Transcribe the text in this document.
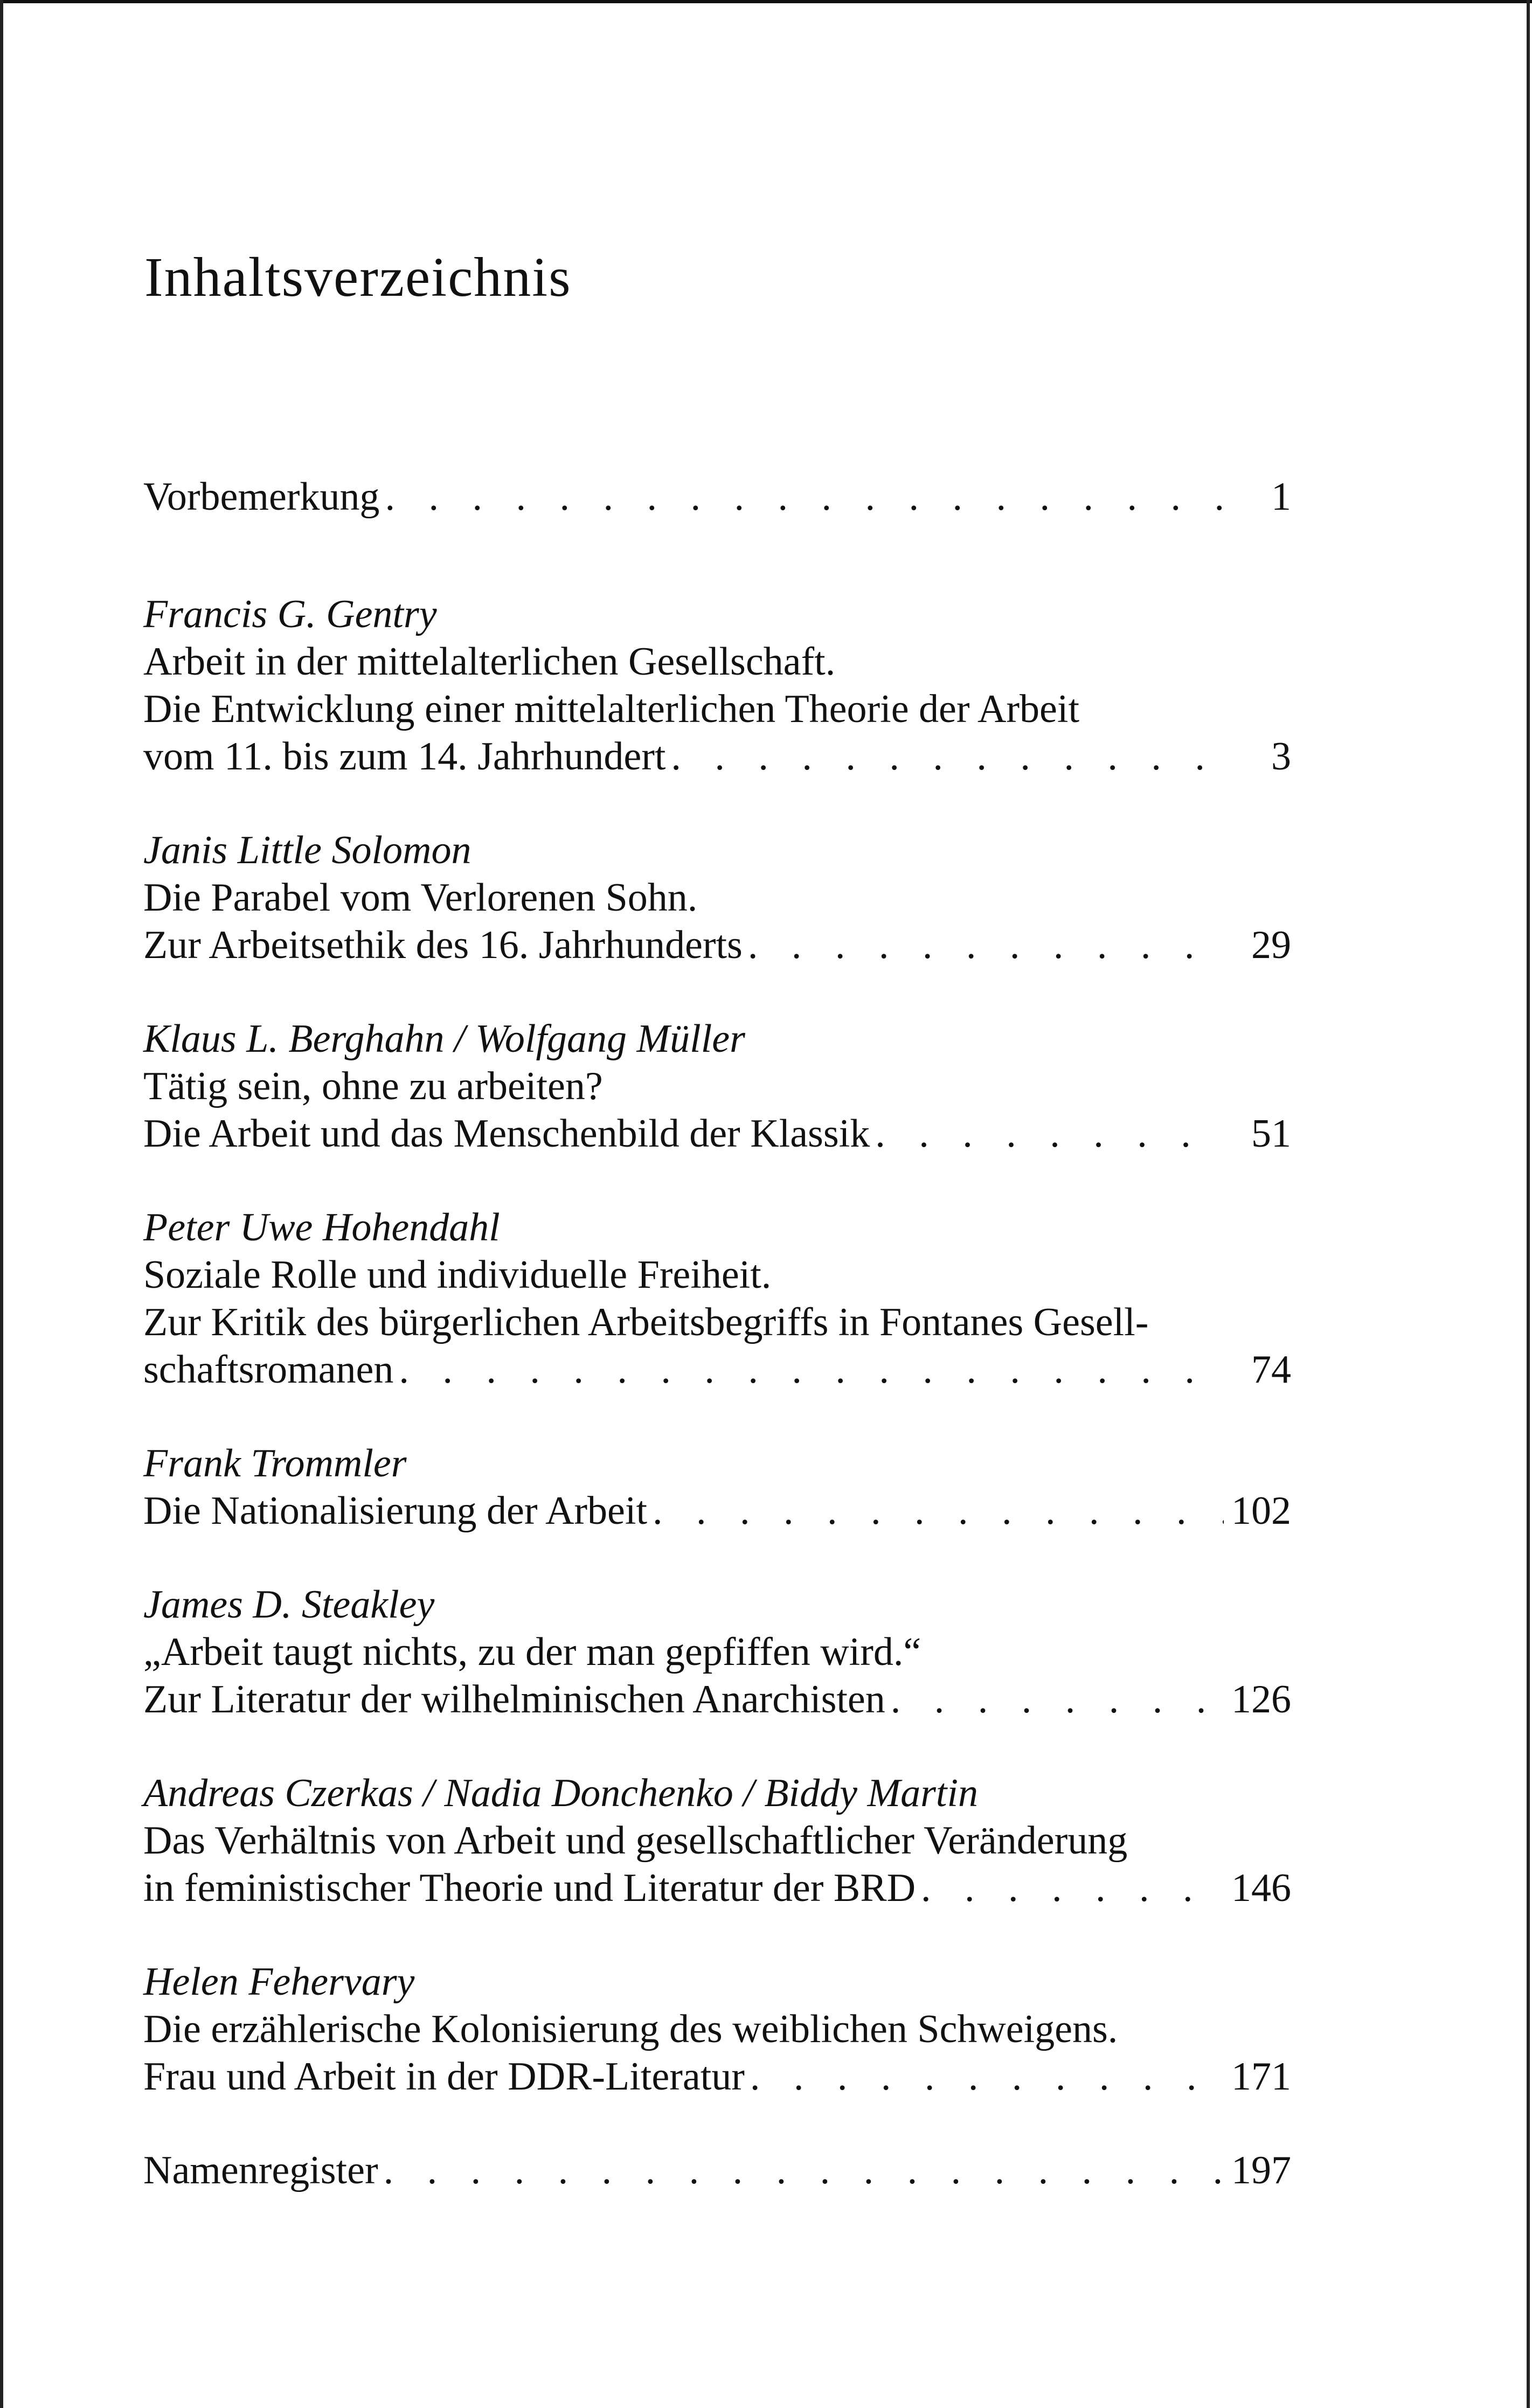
Inhaltsverzeichnis
Vorbemerkung . . .	1
Francis G. Gentry
Arbeit in der mittelalterlichen Gesellschaft.
Die Entwicklung einer mittelalterlichen Theorie der Arbeit
vom 11. bis zum 14. Jahrhundert . . .	3
Janis Little Solomon
Die Parabel vom Verlorenen Sohn.
Zur Arbeitsethik des 16. Jahrhunderts . . .	29
Klaus L. Berghahn / Wolfgang Müller
Tätig sein, ohne zu arbeiten?
Die Arbeit und das Menschenbild der Klassik . . .	51
Peter Uwe Hohendahl
Soziale Rolle und individuelle Freiheit.
Zur Kritik des bürgerlichen Arbeitsbegriffs in Fontanes Gesell-
schaftsromanen . . .	74
Frank Trommler
Die Nationalisierung der Arbeit . . .	102
James D. Steakley
„Arbeit taugt nichts, zu der man gepfiffen wird.“
Zur Literatur der wilhelminischen Anarchisten . . .	126
Andreas Czerkas / Nadia Donchenko / Biddy Martin
Das Verhältnis von Arbeit und gesellschaftlicher Veränderung
in feministischer Theorie und Literatur der BRD . . .	146
Helen Fehervary
Die erzählerische Kolonisierung des weiblichen Schweigens.
Frau und Arbeit in der DDR-Literatur . . .	171
Namenregister . . .	197
